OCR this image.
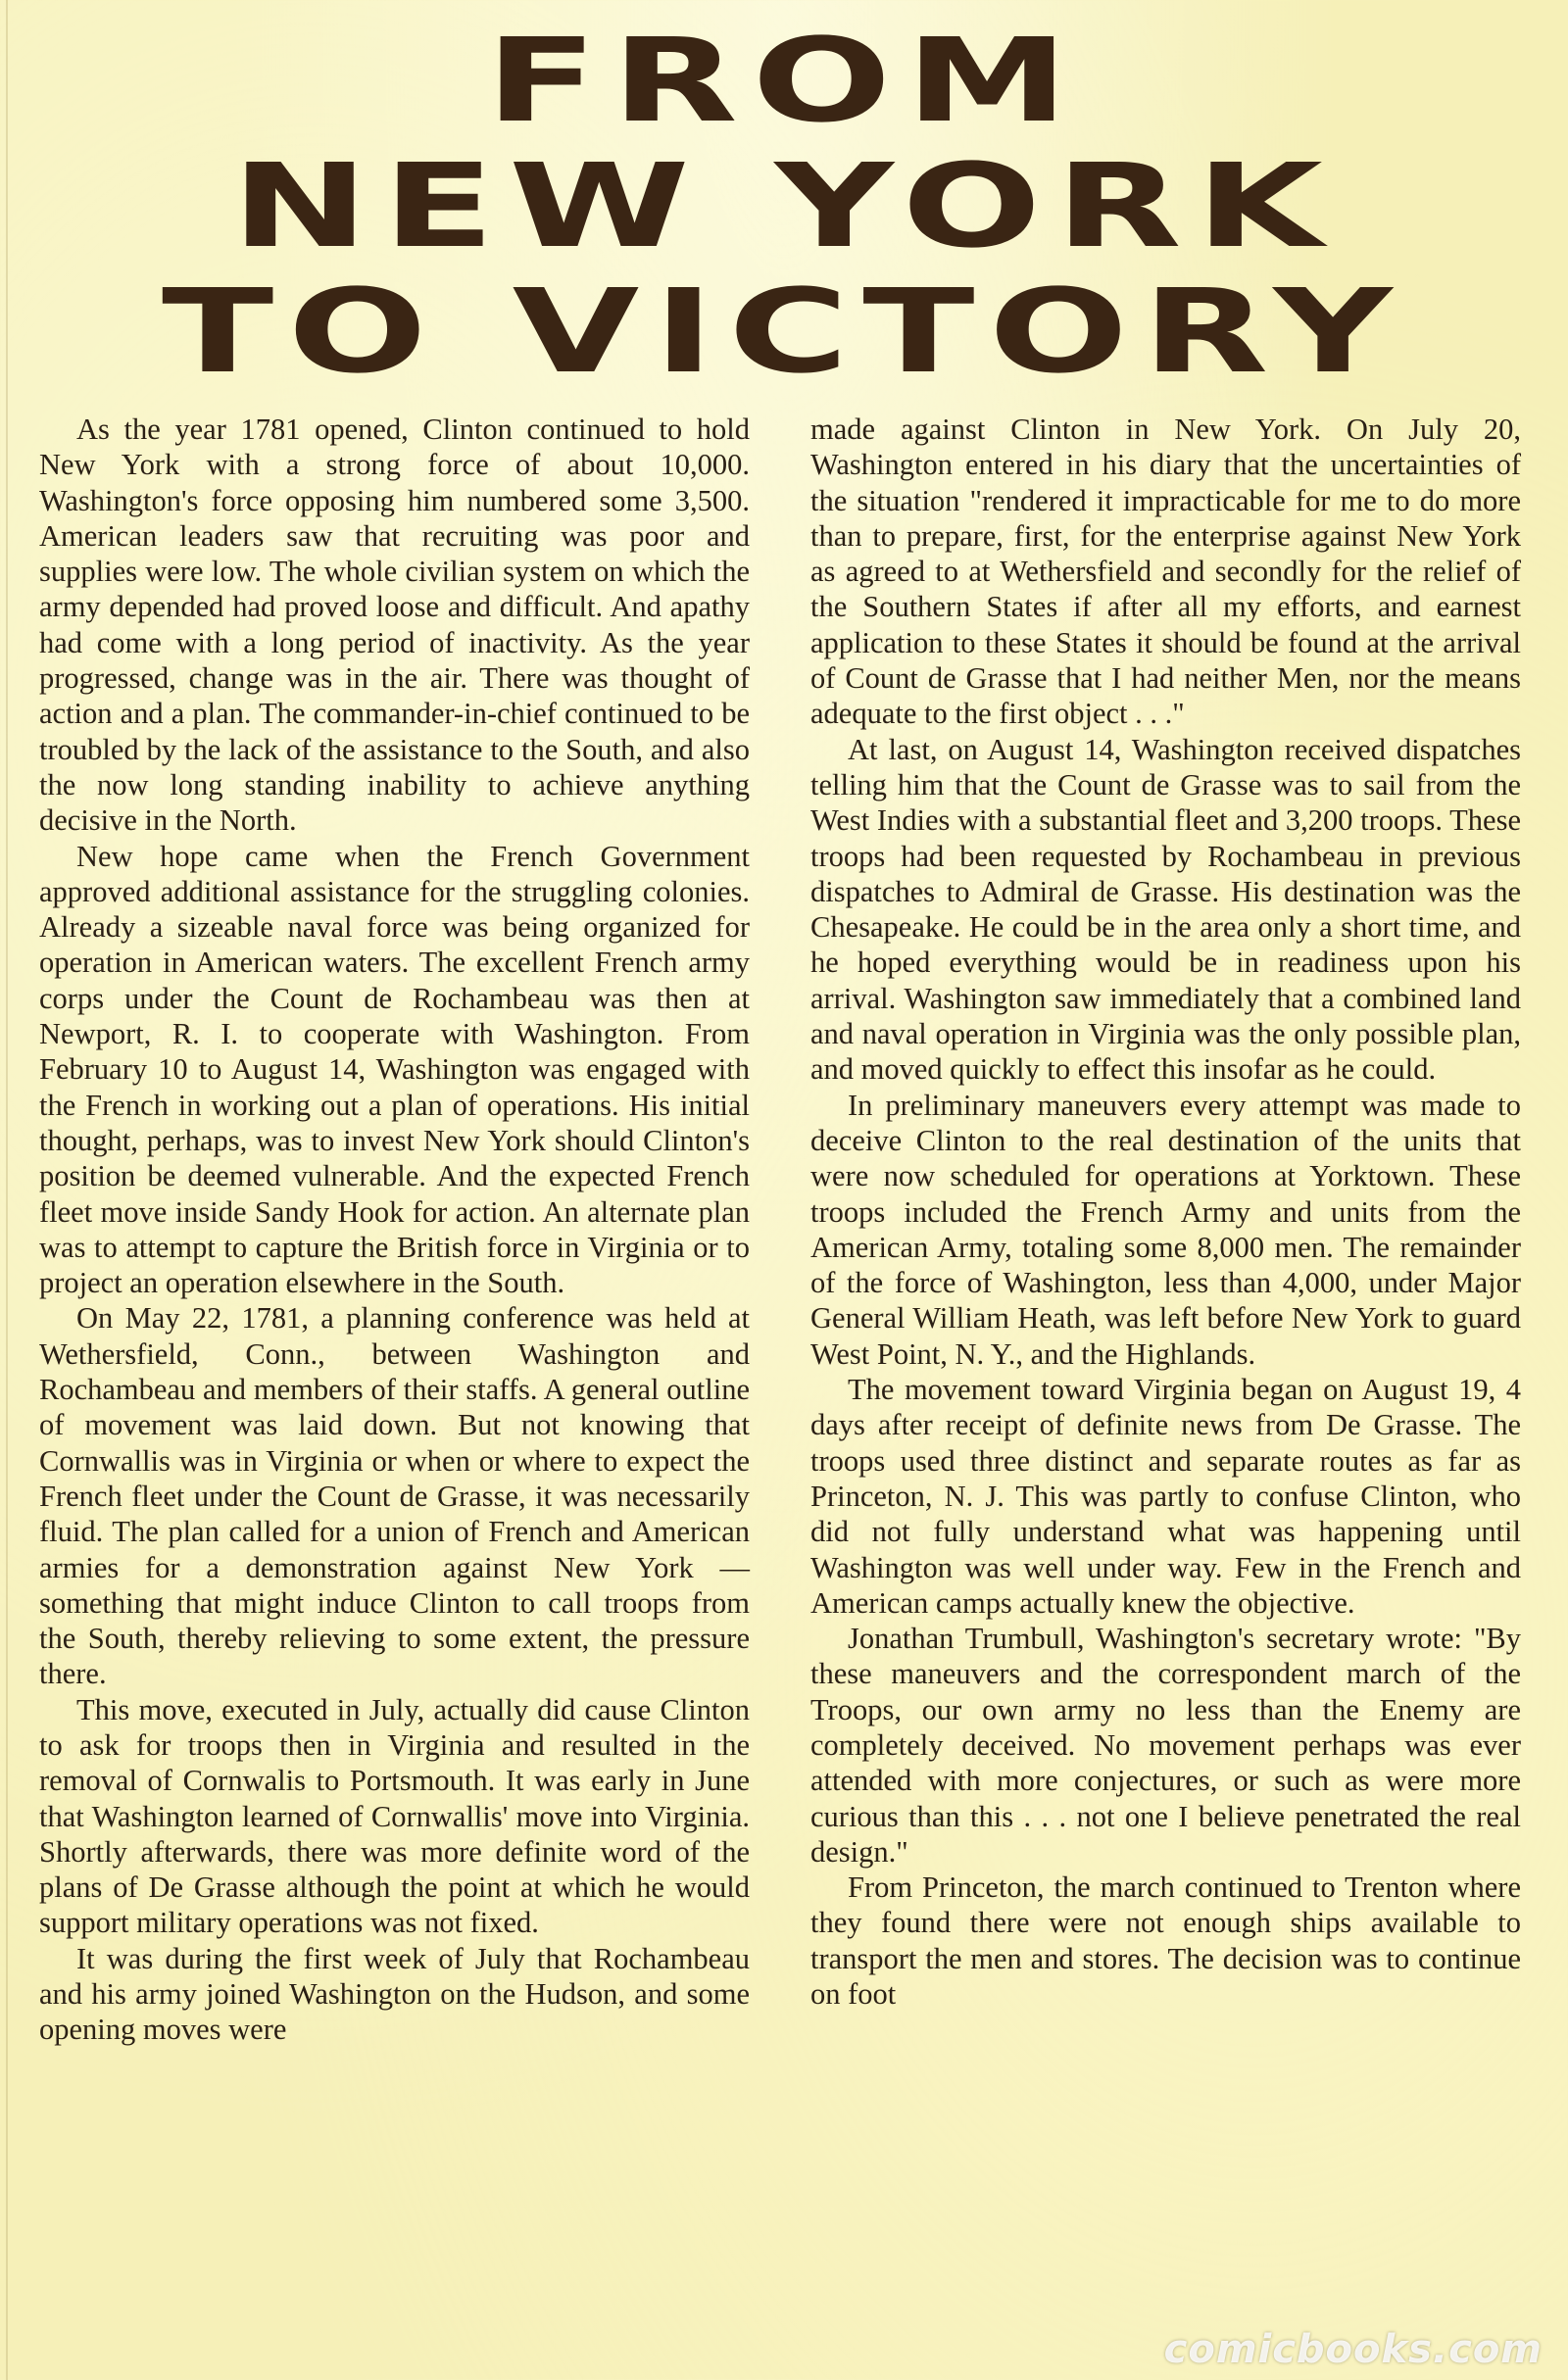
FROM
NEW YORK
TO VICTORY

As the year 1781 opened, Clinton continued to hold New York with a strong force of about 10,000. Washington's force opposing him numbered some 3,500. American leaders saw that recruiting was poor and supplies were low. The whole civilian system on which the army depended had proved loose and difficult. And apathy had come with a long period of inactivity. As the year progressed, change was in the air. There was thought of action and a plan. The commander-in-chief continued to be troubled by the lack of the assistance to the South, and also the now long standing inability to achieve anything decisive in the North.

New hope came when the French Government approved additional assistance for the struggling colonies. Already a sizeable naval force was being organized for operation in American waters. The excellent French army corps under the Count de Rochambeau was then at Newport, R. I. to cooperate with Washington. From February 10 to August 14, Washington was engaged with the French in working out a plan of operations. His initial thought, perhaps, was to invest New York should Clinton's position be deemed vulnerable. And the expected French fleet move inside Sandy Hook for action. An alternate plan was to attempt to capture the British force in Virginia or to project an operation elsewhere in the South.

On May 22, 1781, a planning conference was held at Wethersfield, Conn., between Washington and Rochambeau and members of their staffs. A general outline of movement was laid down. But not knowing that Cornwallis was in Virginia or when or where to expect the French fleet under the Count de Grasse, it was necessarily fluid. The plan called for a union of French and American armies for a demonstration against New York — something that might induce Clinton to call troops from the South, thereby relieving to some extent, the pressure there.

This move, executed in July, actually did cause Clinton to ask for troops then in Virginia and resulted in the removal of Cornwalis to Portsmouth. It was early in June that Washington learned of Cornwallis' move into Virginia. Shortly afterwards, there was more definite word of the plans of De Grasse although the point at which he would support military operations was not fixed.

It was during the first week of July that Rochambeau and his army joined Washington on the Hudson, and some opening moves were

made against Clinton in New York. On July 20, Washington entered in his diary that the uncertainties of the situation "rendered it impracticable for me to do more than to prepare, first, for the enterprise against New York as agreed to at Wethersfield and secondly for the relief of the Southern States if after all my efforts, and earnest application to these States it should be found at the arrival of Count de Grasse that I had neither Men, nor the means adequate to the first object . . ."

At last, on August 14, Washington received dispatches telling him that the Count de Grasse was to sail from the West Indies with a substantial fleet and 3,200 troops. These troops had been requested by Rochambeau in previous dispatches to Admiral de Grasse. His destination was the Chesapeake. He could be in the area only a short time, and he hoped everything would be in readiness upon his arrival. Washington saw immediately that a combined land and naval operation in Virginia was the only possible plan, and moved quickly to effect this insofar as he could.

In preliminary maneuvers every attempt was made to deceive Clinton to the real destination of the units that were now scheduled for operations at Yorktown. These troops included the French Army and units from the American Army, totaling some 8,000 men. The remainder of the force of Washington, less than 4,000, under Major General William Heath, was left before New York to guard West Point, N. Y., and the Highlands.

The movement toward Virginia began on August 19, 4 days after receipt of definite news from De Grasse. The troops used three distinct and separate routes as far as Princeton, N. J. This was partly to confuse Clinton, who did not fully understand what was happening until Washington was well under way. Few in the French and American camps actually knew the objective.

Jonathan Trumbull, Washington's secretary wrote: "By these maneuvers and the correspondent march of the Troops, our own army no less than the Enemy are completely deceived. No movement perhaps was ever attended with more conjectures, or such as were more curious than this . . . not one I believe penetrated the real design."

From Princeton, the march continued to Trenton where they found there were not enough ships available to transport the men and stores. The decision was to continue on foot

comicbooks.com
